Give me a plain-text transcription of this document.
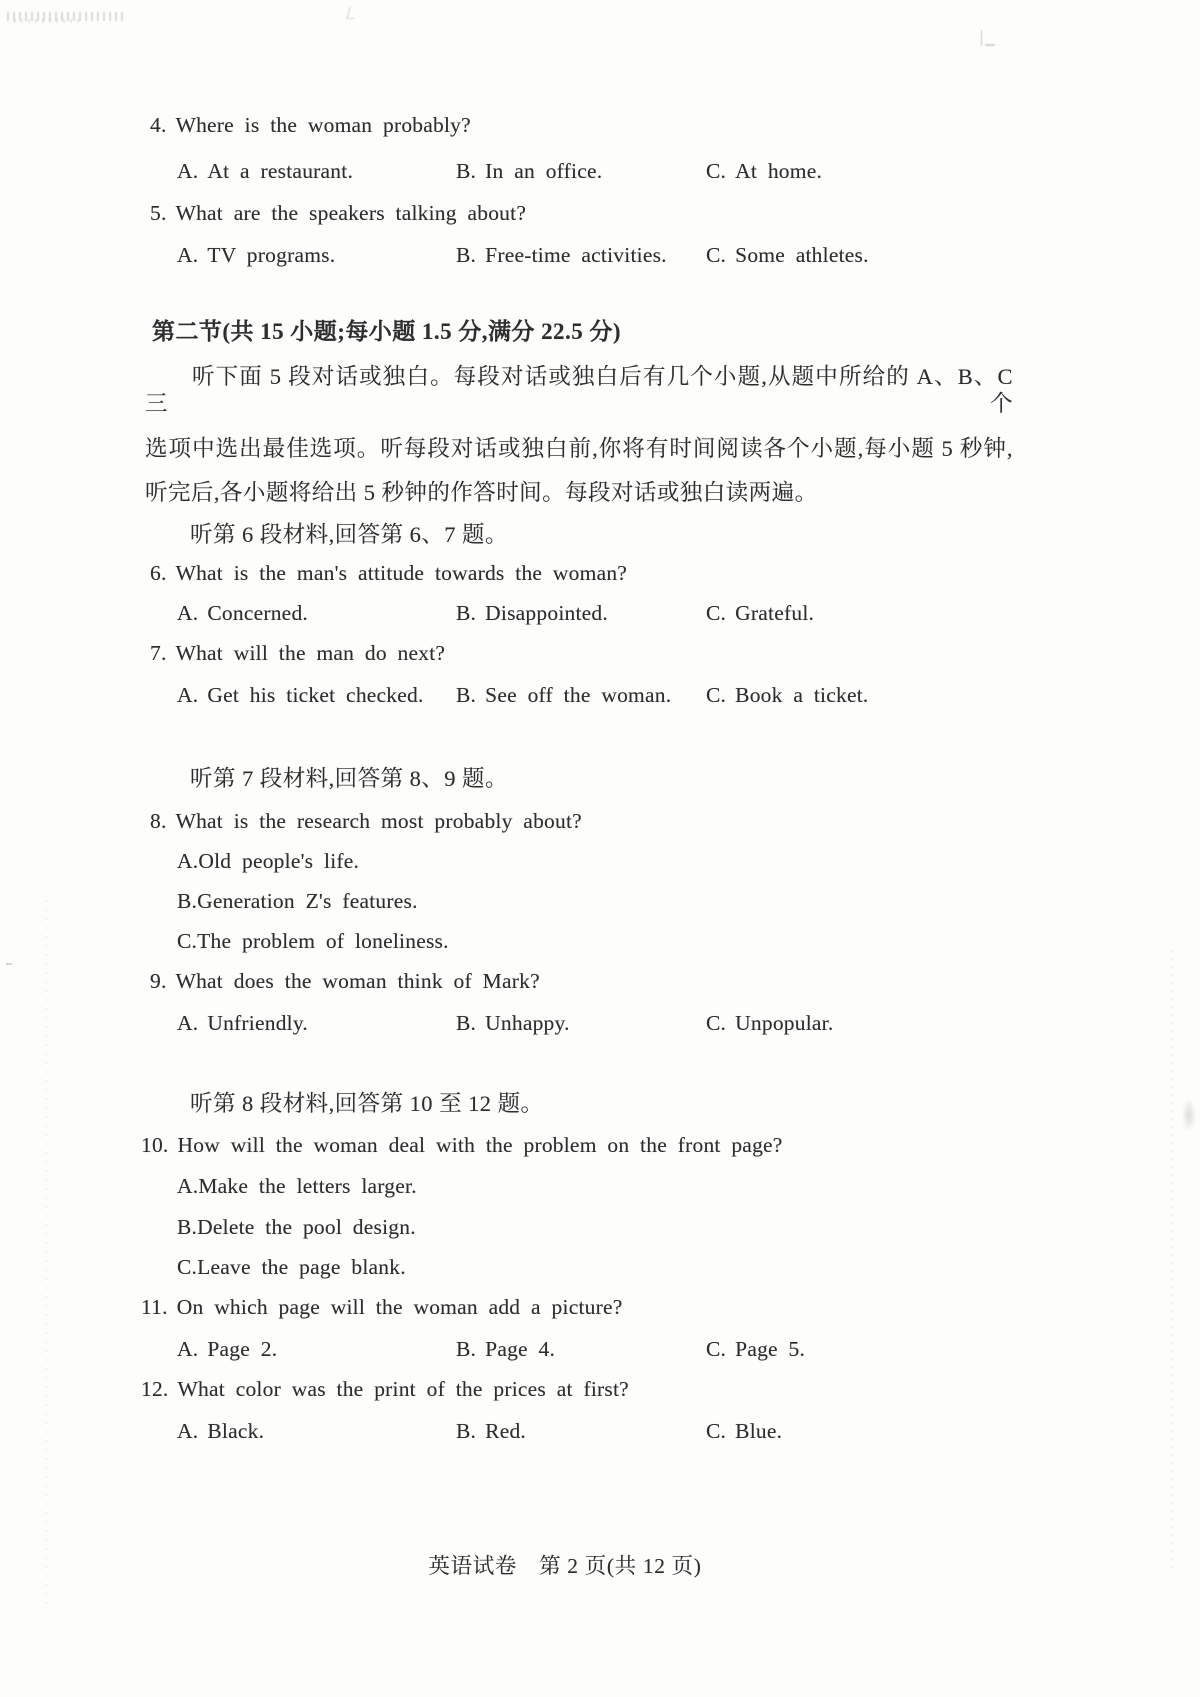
4. Where is the woman probably?
A. At a restaurant.	B. In an office.	C. At home.
5. What are the speakers talking about?
A. TV programs.	B. Free-time activities.	C. Some athletes.
第二节(共 15 小题;每小题 1.5 分,满分 22.5 分)
听下面 5 段对话或独白。每段对话或独白后有几个小题,从题中所给的 A、B、C 三个
选项中选出最佳选项。听每段对话或独白前,你将有时间阅读各个小题,每小题 5 秒钟,
听完后,各小题将给出 5 秒钟的作答时间。每段对话或独白读两遍。
听第 6 段材料,回答第 6、7 题。
6. What is the man's attitude towards the woman?
A. Concerned.	B. Disappointed.	C. Grateful.
7. What will the man do next?
A. Get his ticket checked.	B. See off the woman.	C. Book a ticket.
听第 7 段材料,回答第 8、9 题。
8. What is the research most probably about?
A.Old people's life.
B.Generation Z's features.
C.The problem of loneliness.
9. What does the woman think of Mark?
A. Unfriendly.	B. Unhappy.	C. Unpopular.
听第 8 段材料,回答第 10 至 12 题。
10. How will the woman deal with the problem on the front page?
A.Make the letters larger.
B.Delete the pool design.
C.Leave the page blank.
11. On which page will the woman add a picture?
A. Page 2.	B. Page 4.	C. Page 5.
12. What color was the print of the prices at first?
A. Black.	B. Red.	C. Blue.
英语试卷　第 2 页(共 12 页)
